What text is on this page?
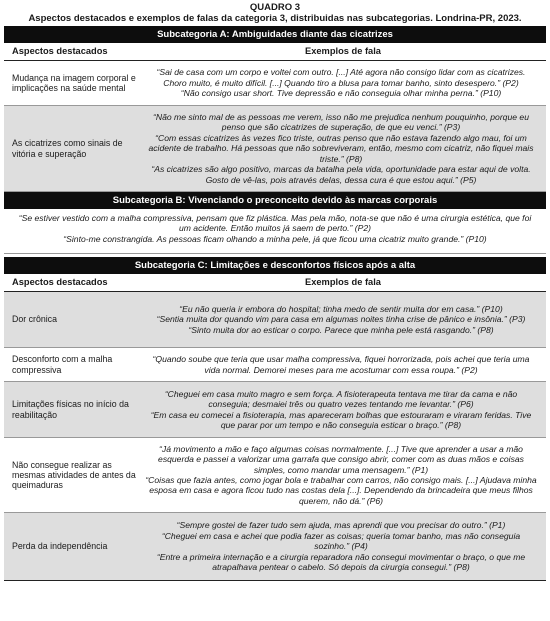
QUADRO 3
Aspectos destacados e exemplos de falas da categoria 3, distribuidas nas subcategorias. Londrina-PR, 2023.
Subcategoria A: Ambiguidades diante das cicatrizes
Aspectos destacados	Exemplos de fala
Mudança na imagem corporal e implicações na saúde mental

“Sai de casa com um corpo e voltei com outro. [...] Até agora não consigo lidar com as cicatrizes. Choro muito, é muito difícil. [...] Quando tiro a blusa para tomar banho, sinto desespero.” (P2)

“Não consigo usar short. Tive depressão e não conseguia olhar minha perna.” (P10)

As cicatrizes como sinais de vitória e superação

“Não me sinto mal de as pessoas me verem, isso não me prejudica nenhum pouquinho, porque eu penso que são cicatrizes de superação, de que eu venci.” (P3)

“Com essas cicatrizes às vezes fico triste, outras penso que não estava fazendo algo mau, foi um acidente de trabalho. Há pessoas que não sobreviveram, então, mesmo com cicatriz, não fiquei mais triste.” (P8)

“As cicatrizes são algo positivo, marcas da batalha pela vida, oportunidade para estar aqui de volta. Gosto de vê-las, pois através delas, dessa cura é que estou aqui.” (P5)

Subcategoria B: Vivenciando o preconceito devido às marcas corporais

“Se estiver vestido com a malha compressiva, pensam que fiz plástica. Mas pela mão, nota-se que não é uma cirurgia estética, que foi um acidente. Então muitos já saem de perto.” (P2)

“Sinto-me constrangida. As pessoas ficam olhando a minha pele, já que ficou uma cicatriz muito grande.” (P10)

Subcategoria C: Limitações e desconfortos físicos após a alta
Aspectos destacados	Exemplos de fala
Dor crônica

“Eu não queria ir embora do hospital; tinha medo de sentir muita dor em casa.” (P10)

“Sentia muita dor quando vim para casa em algumas noites tinha crise de pânico e insônia.” (P3)

“Sinto muita dor ao esticar o corpo. Parece que minha pele está rasgando.” (P8)

Desconforto com a malha compressiva

“Quando soube que teria que usar malha compressiva, fiquei horrorizada, pois achei que teria uma vida normal. Demorei meses para me acostumar com essa roupa.” (P2)

Limitações físicas no início da reabilitação

“Cheguei em casa muito magro e sem força. A fisioterapeuta tentava me tirar da cama e não conseguia; desmaiei três ou quatro vezes tentando me levantar.” (P6)

“Em casa eu comecei a fisioterapia, mas apareceram bolhas que estouraram e viraram feridas. Tive que parar por um tempo e não conseguia esticar o braço.” (P8)

Não consegue realizar as mesmas atividades de antes da queimaduras

“Já movimento a mão e faço algumas coisas normalmente. [...] Tive que aprender a usar a mão esquerda e passei a valorizar uma garrafa que consigo abrir, comer com as duas mãos e coisas simples, como mandar uma mensagem.” (P1)

“Coisas que fazia antes, como jogar bola e trabalhar com carros, não consigo mais. [...] Ajudava minha esposa em casa e agora ficou tudo nas costas dela [...]. Dependendo da brincadeira que meus filhos querem, não dá.” (P6)

Perda da independência

“Sempre gostei de fazer tudo sem ajuda, mas aprendi que vou precisar do outro.” (P1)

“Cheguei em casa e achei que podia fazer as coisas; queria tomar banho, mas não conseguia sozinho.” (P4)

“Entre a primeira internação e a cirurgia reparadora não consegui movimentar o braço, o que me atrapalhava pentear o cabelo. Só depois da cirurgia consegui.” (P8)
